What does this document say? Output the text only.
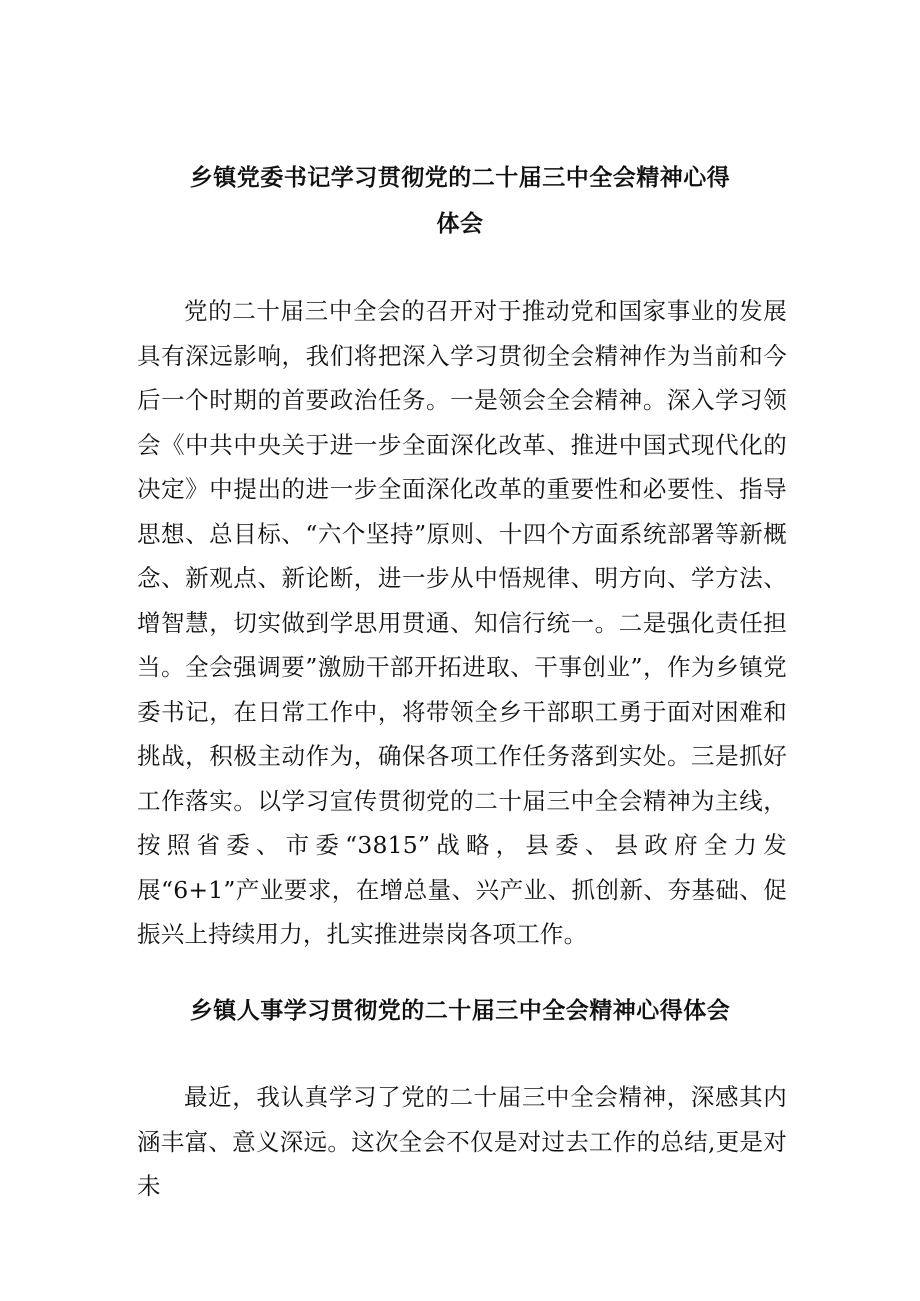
乡镇党委书记学习贯彻党的二十届三中全会精神心得
体会

党的二十届三中全会的召开对于推动党和国家事业的发展具有深远影响，我们将把深入学习贯彻全会精神作为当前和今后一个时期的首要政治任务。一是领会全会精神。深入学习领会《中共中央关于进一步全面深化改革、推进中国式现代化的决定》中提出的进一步全面深化改革的重要性和必要性、指导思想、总目标、“六个坚持”原则、十四个方面系统部署等新概念、新观点、新论断，进一步从中悟规律、明方向、学方法、增智慧，切实做到学思用贯通、知信行统一。二是强化责任担当。全会强调要”激励干部开拓进取、干事创业”，作为乡镇党委书记，在日常工作中，将带领全乡干部职工勇于面对困难和挑战，积极主动作为，确保各项工作任务落到实处。三是抓好工作落实。以学习宣传贯彻党的二十届三中全会精神为主线，按照省委、市委“3815”战略，县委、县政府全力发展“6+1”产业要求，在增总量、兴产业、抓创新、夯基础、促振兴上持续用力，扎实推进崇岗各项工作。

乡镇人事学习贯彻党的二十届三中全会精神心得体会

最近，我认真学习了党的二十届三中全会精神，深感其内涵丰富、意义深远。这次全会不仅是对过去工作的总结,更是对未
